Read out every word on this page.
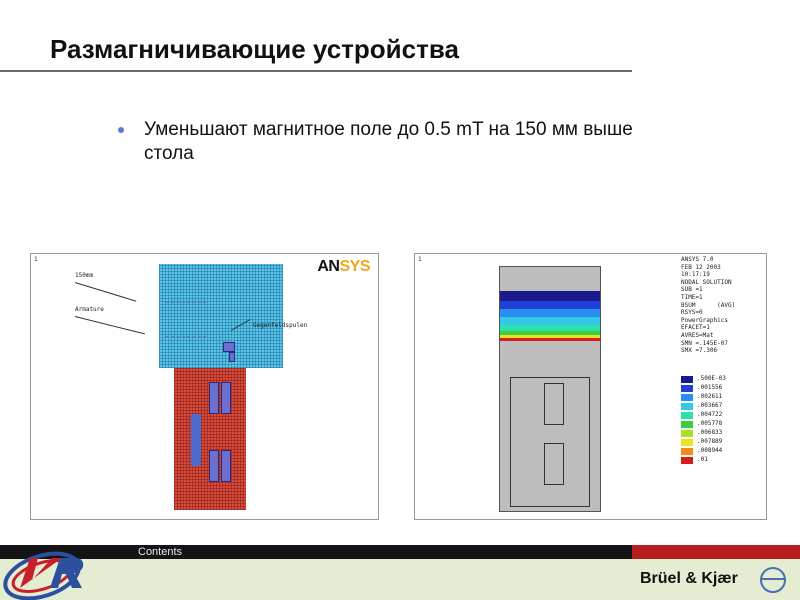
Размагничивающие устройства
Уменьшают магнитное поле до 0.5 mT на 150 мм выше стола
1
150mm
Armature
Gegenfeldspulen
ANSYS	1	ANSYS 7.0
FEB 12 2003
10:17:19
NODAL SOLUTION
SUB =1
TIME=1
BSUM      (AVG)
RSYS=0
PowerGraphics
EFACET=1
AVRES=Mat
SMN =.145E-07
SMX =7.306
.500E-03
.001556
.002611
.003667
.004722
.005778
.006833
.007889
.008944
.01
Contents
Brüel & Kjær
